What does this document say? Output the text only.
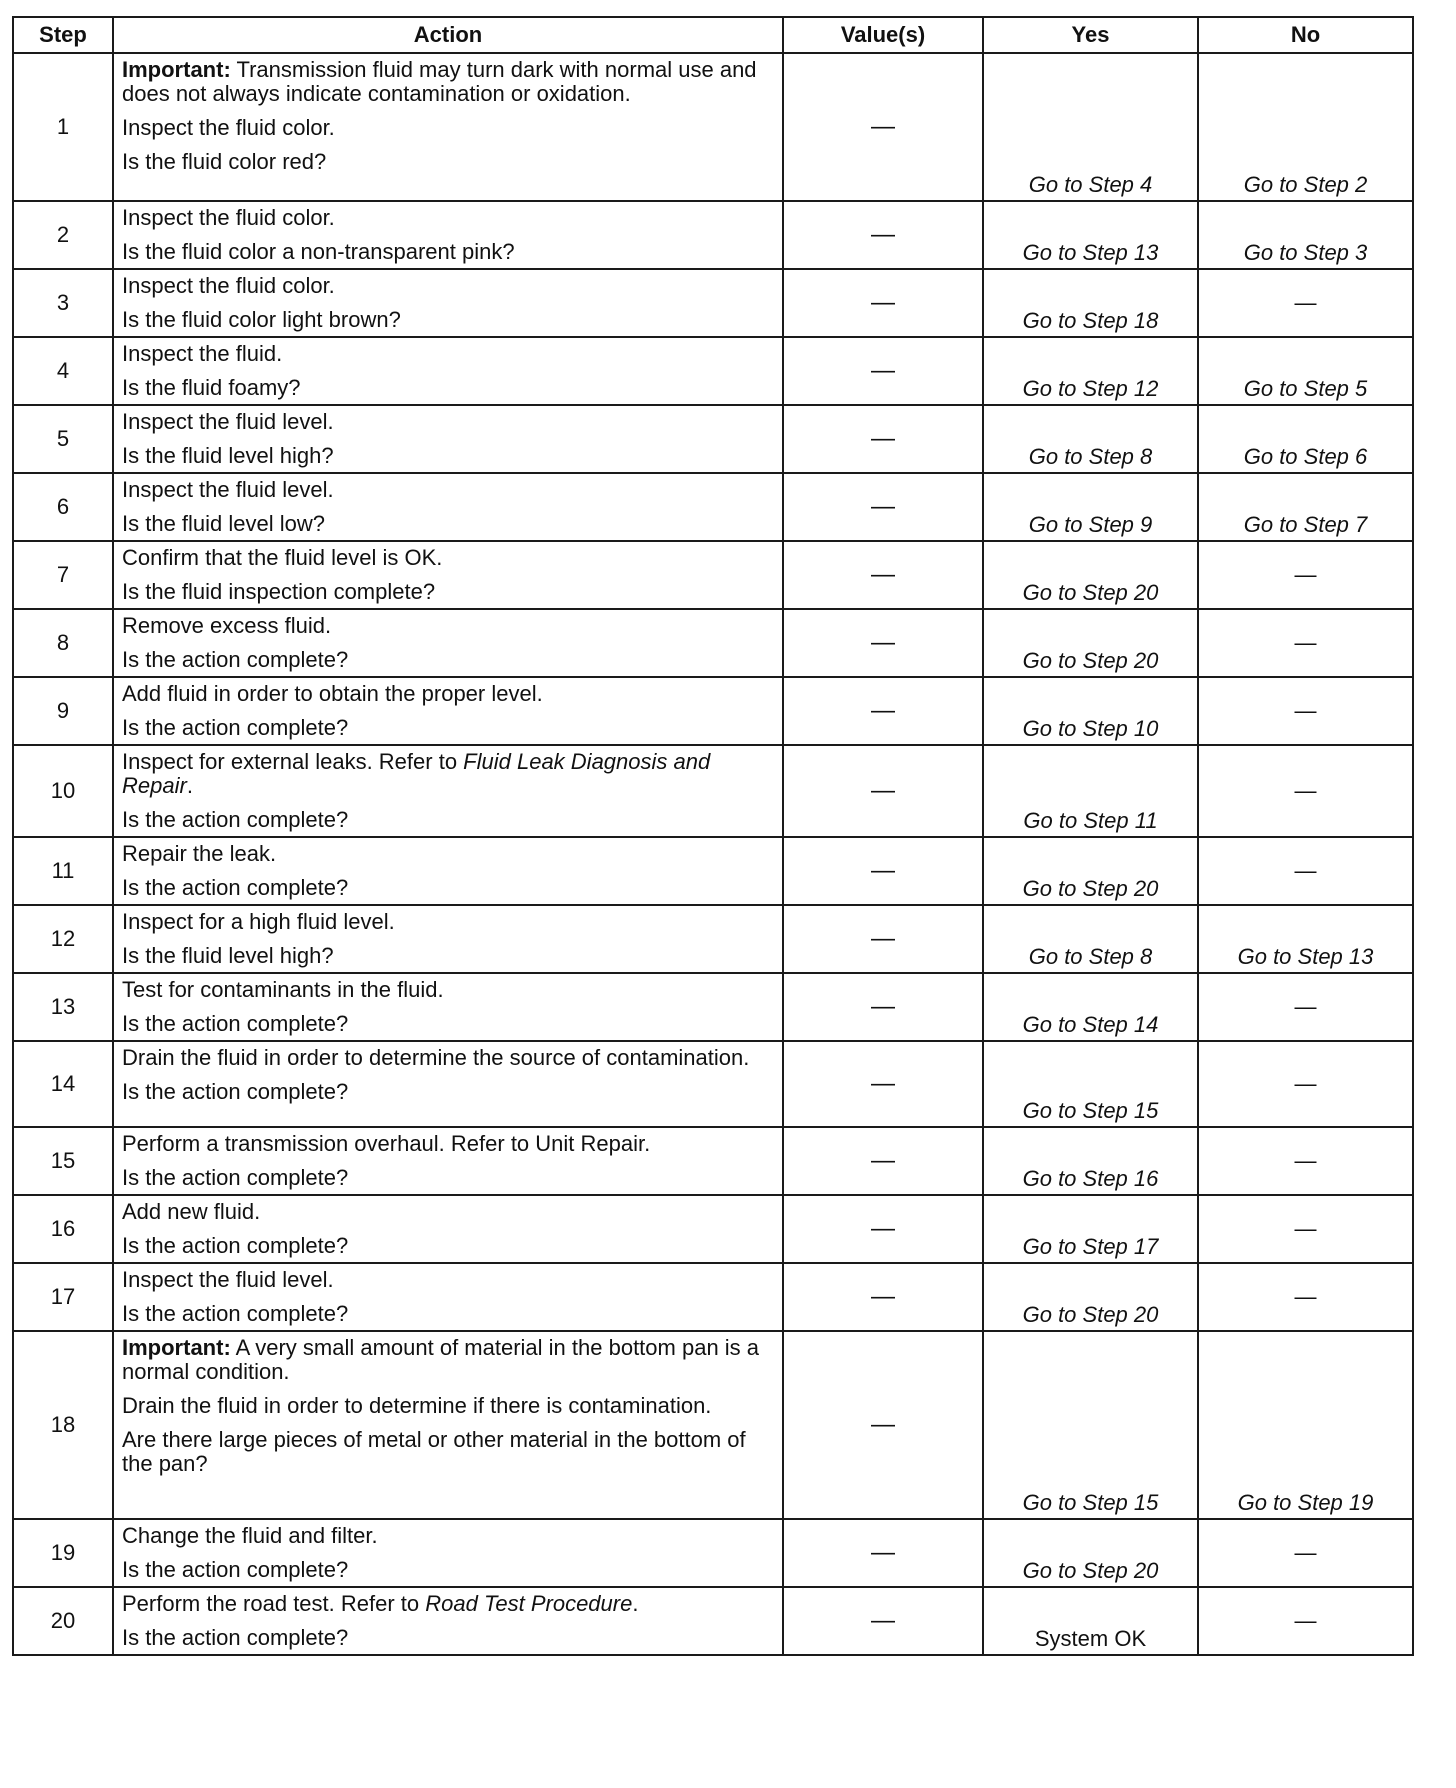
Step	Action	Value(s)	Yes	No
1	Important: Transmission fluid may turn dark with normal use and does not always indicate contamination or oxidation.
Inspect the fluid color.
Is the fluid color red?	—	Go to Step 4	Go to Step 2
2	Inspect the fluid color.
Is the fluid color a non-transparent pink?	—	Go to Step 13	Go to Step 3
3	Inspect the fluid color.
Is the fluid color light brown?	—	Go to Step 18	—
4	Inspect the fluid.
Is the fluid foamy?	—	Go to Step 12	Go to Step 5
5	Inspect the fluid level.
Is the fluid level high?	—	Go to Step 8	Go to Step 6
6	Inspect the fluid level.
Is the fluid level low?	—	Go to Step 9	Go to Step 7
7	Confirm that the fluid level is OK.
Is the fluid inspection complete?	—	Go to Step 20	—
8	Remove excess fluid.
Is the action complete?	—	Go to Step 20	—
9	Add fluid in order to obtain the proper level.
Is the action complete?	—	Go to Step 10	—
10	Inspect for external leaks. Refer to Fluid Leak Diagnosis and Repair.
Is the action complete?	—	Go to Step 11	—
11	Repair the leak.
Is the action complete?	—	Go to Step 20	—
12	Inspect for a high fluid level.
Is the fluid level high?	—	Go to Step 8	Go to Step 13
13	Test for contaminants in the fluid.
Is the action complete?	—	Go to Step 14	—
14	Drain the fluid in order to determine the source of contamination.
Is the action complete?	—	Go to Step 15	—
15	Perform a transmission overhaul. Refer to Unit Repair.
Is the action complete?	—	Go to Step 16	—
16	Add new fluid.
Is the action complete?	—	Go to Step 17	—
17	Inspect the fluid level.
Is the action complete?	—	Go to Step 20	—
18	Important: A very small amount of material in the bottom pan is a normal condition.
Drain the fluid in order to determine if there is contamination.
Are there large pieces of metal or other material in the bottom of the pan?	—	Go to Step 15	Go to Step 19
19	Change the fluid and filter.
Is the action complete?	—	Go to Step 20	—
20	Perform the road test. Refer to Road Test Procedure.
Is the action complete?	—	System OK	—
